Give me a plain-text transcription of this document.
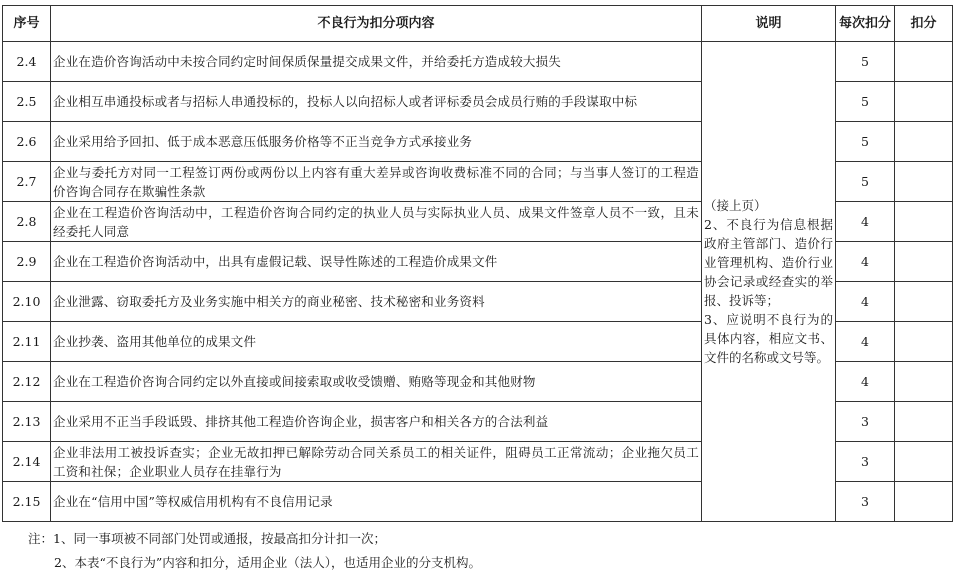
序号	不良行为扣分项内容	说明	每次扣分	扣分
2.4	企业在造价咨询活动中未按合同约定时间保质保量提交成果文件，并给委托方造成较大损失	（接上页）
2、不良行为信息根据政府主管部门、造价行业管理机构、造价行业协会记录或经查实的举报、投诉等；
3、应说明不良行为的具体内容，相应文书、文件的名称或文号等。	5	
2.5	企业相互串通投标或者与招标人串通投标的，投标人以向招标人或者评标委员会成员行贿的手段谋取中标		5	
2.6	企业采用给予回扣、低于成本恶意压低服务价格等不正当竞争方式承接业务		5	
2.7	企业与委托方对同一工程签订两份或两份以上内容有重大差异或咨询收费标准不同的合同；与当事人签订的工程造价咨询合同存在欺骗性条款		5	
2.8	企业在工程造价咨询活动中，工程造价咨询合同约定的执业人员与实际执业人员、成果文件签章人员不一致，且未经委托人同意		4	
2.9	企业在工程造价咨询活动中，出具有虚假记载、误导性陈述的工程造价成果文件		4	
2.10	企业泄露、窃取委托方及业务实施中相关方的商业秘密、技术秘密和业务资料		4	
2.11	企业抄袭、盗用其他单位的成果文件		4	
2.12	企业在工程造价咨询合同约定以外直接或间接索取或收受馈赠、贿赂等现金和其他财物		4	
2.13	企业采用不正当手段诋毁、排挤其他工程造价咨询企业，损害客户和相关各方的合法利益		3	
2.14	企业非法用工被投诉查实；企业无故扣押已解除劳动合同关系员工的相关证件，阻碍员工正常流动；企业拖欠员工工资和社保；企业职业人员存在挂靠行为		3	
2.15	企业在“信用中国”等权威信用机构有不良信用记录		3	
注：1、同一事项被不同部门处罚或通报，按最高扣分计扣一次；
2、本表“不良行为”内容和扣分，适用企业（法人），也适用企业的分支机构。
